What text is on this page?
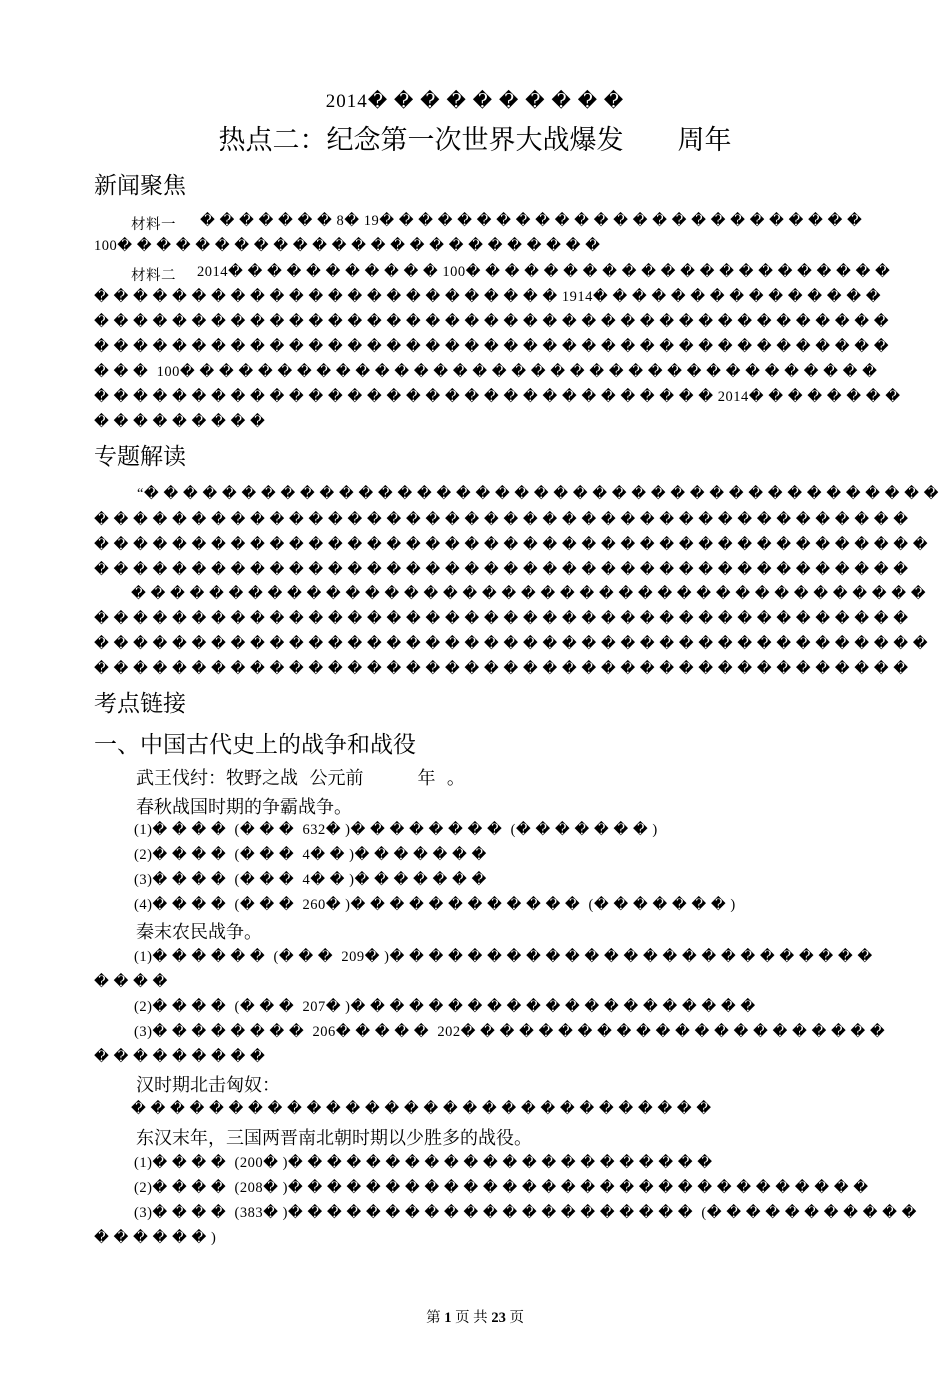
2014� � � � � � � � � �
热点二：纪念第一次世界大战爆发　　周年
新闻聚焦
材料一 � � � � � � � 8� 19� � � � � � � � � � � � � � � � � � � � � � � � �
100� � � � � � � � � � � � � � � � � � � � � � � � �
材料二 2014� � � � � � � � � � � 100� � � � � � � � � � � � � � � � � � � � � �
� � � � � � � � � � � � � � � � � � � � � � � � 1914� � � � � � � � � � � � � � �
� � � � � � � � � � � � � � � � � � � � � � � � � � � � � � � � � � � � � � � � �
� � � � � � � � � � � � � � � � � � � � � � � � � � � � � � � � � � � � � � � � �
� � �  100� � � � � � � � � � � � � � � � � � � � � � � � � � � � � � � � � � � �
� � � � � � � � � � � � � � � � � � � � � � � � � � � � � � � � 2014� � � � � � � �
� � � � � � � � �
专题解读
“� � � � � � � � � � � � � � � � � � � � � � � � � � � � � � � � � � � � � � � � �
� � � � � � � � � � � � � � � � � � � � � � � � � � � � � � � � � � � � � � � � � �
� � � � � � � � � � � � � � � � � � � � � � � � � � � � � � � � � � � � � � � � � � �
� � � � � � � � � � � � � � � � � � � � � � � � � � � � � � � � � � � � � � � � � �
� � � � � � � � � � � � � � � � � � � � � � � � � � � � � � � � � � � � � � � � �
� � � � � � � � � � � � � � � � � � � � � � � � � � � � � � � � � � � � � � � � � �
� � � � � � � � � � � � � � � � � � � � � � � � � � � � � � � � � � � � � � � � � � �
� � � � � � � � � � � � � � � � � � � � � � � � � � � � � � � � � � � � � � � � � �
考点链接
一、中国古代史上的战争和战役
武王伐纣：牧野之战  公元前　　　年  。
春秋战国时期的争霸战争。
(1)� � � �  (� � �  632� )� � � � � � � �  (� � � � � � � )
(2)� � � �  (� � �  4� � )� � � � � � �
(3)� � � �  (� � �  4� � )� � � � � � �
(4)� � � �  (� � �  260� )� � � � � � � � � � � �  (� � � � � � � )
秦末农民战争。
(1)� � � � � �  (� � �  209� )� � � � � � � � � � � � � � � � � � � � � � � � �
� � � �
(2)� � � �  (� � �  207� )� � � � � � � � � � � � � � � � � � � � �
(3)� � � � � � � �  206� � � � �  202� � � � � � � � � � � � � � � � � � � � � �
� � � � � � � � �
汉时期北击匈奴：
� � � � � � � � � � � � � � � � � � � � � � � � � � � � � �
东汉末年，三国两晋南北朝时期以少胜多的战役。
(1)� � � �  (200� )� � � � � � � � � � � � � � � � � � � � � �
(2)� � � �  (208� )� � � � � � � � � � � � � � � � � � � � � � � � � � � � � �
(3)� � � �  (383� )� � � � � � � � � � � � � � � � � � � � �  (� � � � � � � � � � �
� � � � � � )
第 1 页 共 23 页
